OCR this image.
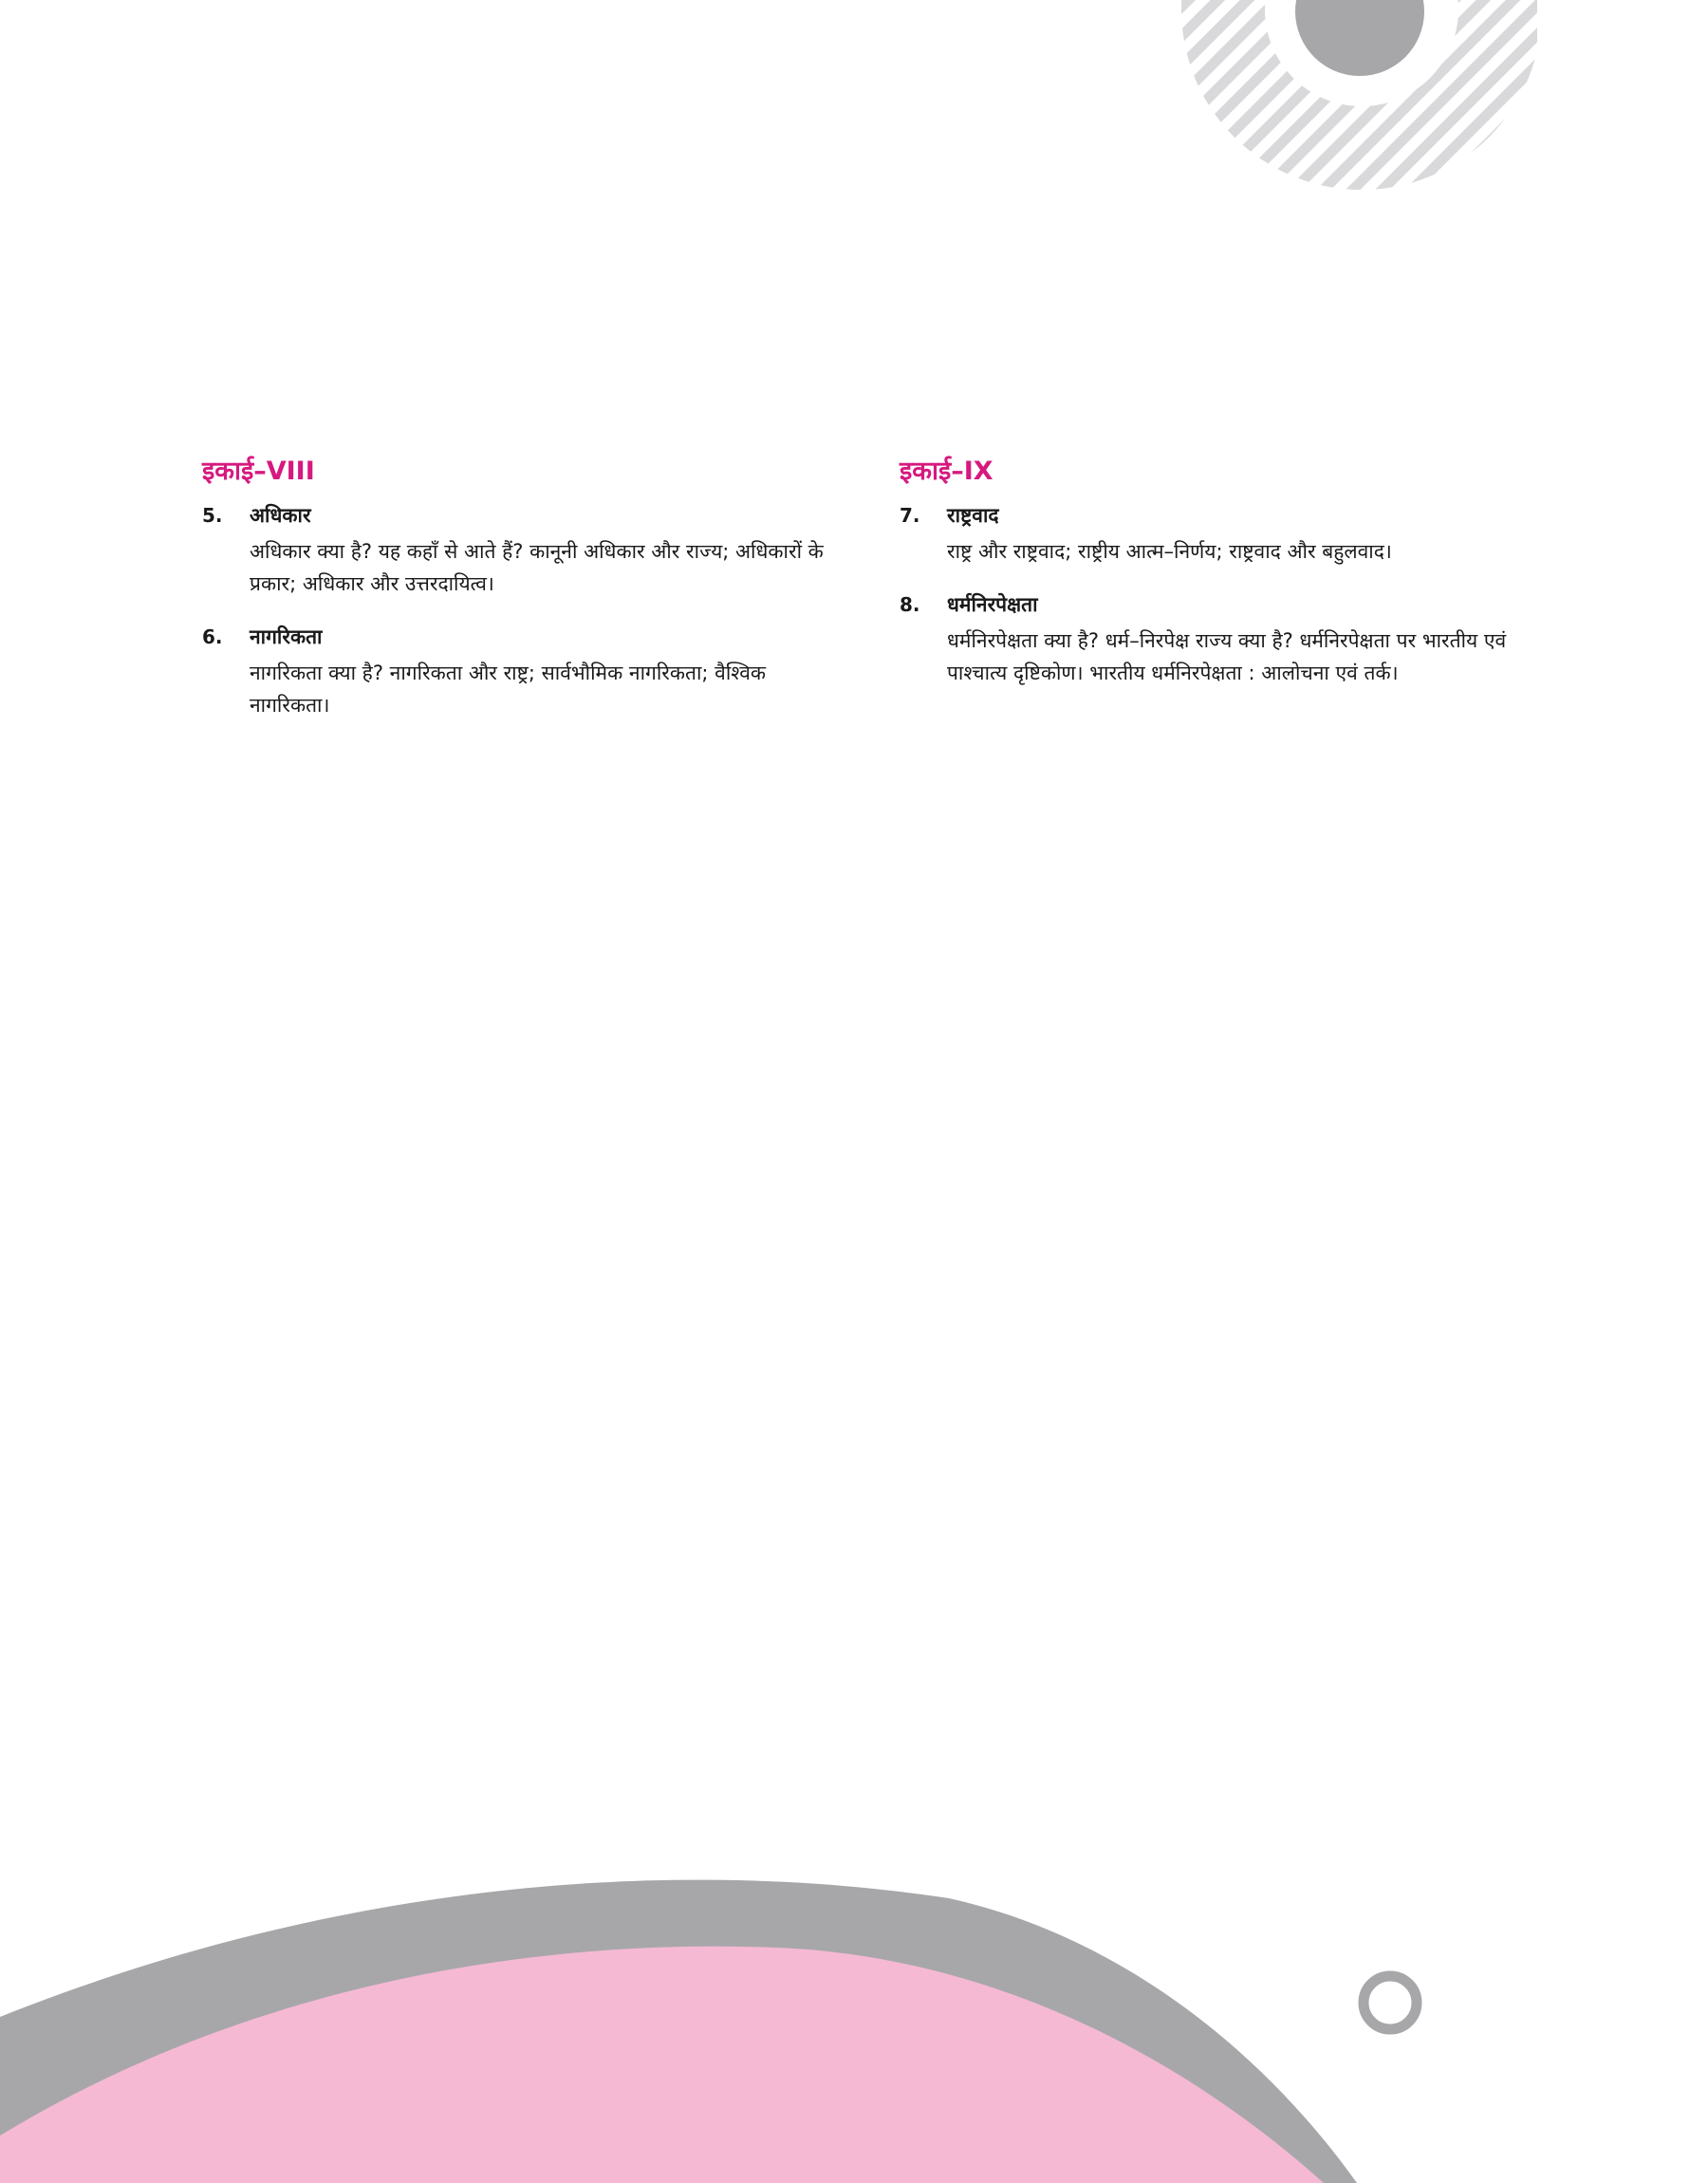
इकाई–VIII
5. अधिकार
अधिकार क्या है? यह कहाँ से आते हैं? कानूनी अधिकार और राज्य; अधिकारों के प्रकार; अधिकार और उत्तरदायित्व।
6. नागरिकता
नागरिकता क्या है? नागरिकता और राष्ट्र; सार्वभौमिक नागरिकता; वैश्विक नागरिकता।
इकाई–IX
7. राष्ट्रवाद
राष्ट्र और राष्ट्रवाद; राष्ट्रीय आत्म–निर्णय; राष्ट्रवाद और बहुलवाद।
8. धर्मनिरपेक्षता
धर्मनिरपेक्षता क्या है? धर्म–निरपेक्ष राज्य क्या है? धर्मनिरपेक्षता पर भारतीय एवं पाश्चात्य दृष्टिकोण। भारतीय धर्मनिरपेक्षता : आलोचना एवं तर्क।
